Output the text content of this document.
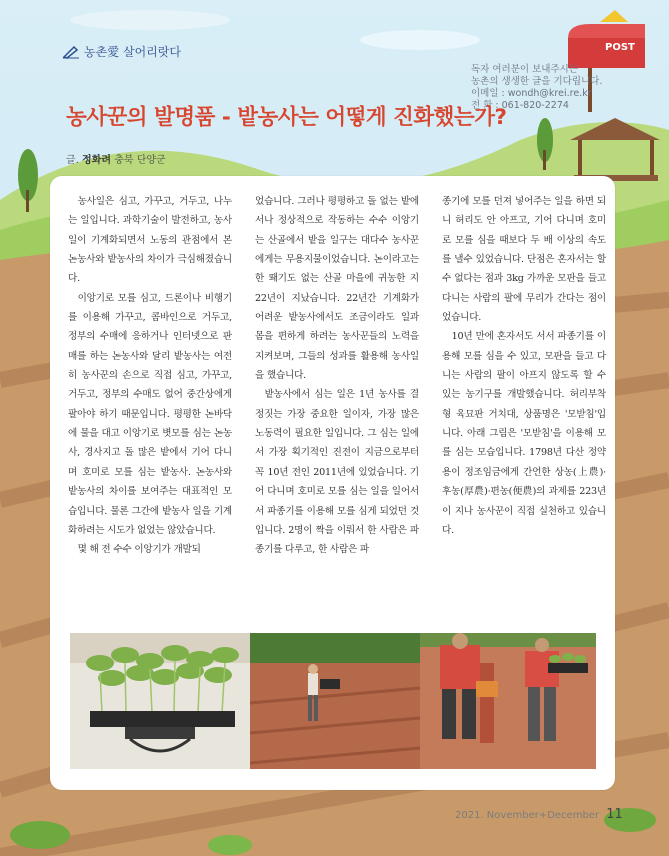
농촌愛 살어리랏다	POST
독자 여러분이 보내주시는
농촌의 생생한 글을 기다립니다.
이메일 : wondh@krei.re.kr
전 화 : 061-820-2274
농사꾼의 발명품 - 밭농사는 어떻게 진화했는가?
글. 정화려 충북 단양군

농사일은 심고, 가꾸고, 거두고, 나누는 일입니다. 과학기술이 발전하고, 농사일이 기계화되면서 노동의 관점에서 본 논농사와 밭농사의 차이가 극심해졌습니다.

이앙기로 모를 심고, 드론이나 비행기를 이용해 가꾸고, 콤바인으로 거두고, 정부의 수매에 응하거나 인터넷으로 판매를 하는 논농사와 달리 밭농사는 여전히 농사꾼의 손으로 직접 심고, 가꾸고, 거두고, 정부의 수매도 없어 중간상에게 팔아야 하기 때문입니다. 평평한 논바닥에 물을 대고 이앙기로 볏모를 심는 논농사, 경사지고 돌 많은 밭에서 기어 다니며 호미로 모를 심는 밭농사. 논농사와 밭농사의 차이를 보여주는 대표적인 모습입니다. 물론 그간에 밭농사 일을 기계화하려는 시도가 없었는 않았습니다.

몇 해 전 수수 이앙기가 개발되

었습니다. 그러나 평평하고 돌 없는 밭에서나 정상적으로 작동하는 수수 이앙기는 산골에서 밭을 일구는 대다수 농사꾼에게는 무용지물이었습니다. 논이라고는 한 뙈기도 없는 산골 마을에 귀농한 지 22년이 지났습니다. 22년간 기계화가 어려운 밭농사에서도 조금이라도 일과 몸을 편하게 하려는 농사꾼들의 노력을 지켜보며, 그들의 성과를 활용해 농사일을 했습니다.

밭농사에서 심는 일은 1년 농사를 결정짓는 가장 중요한 일이자, 가장 많은 노동력이 필요한 일입니다. 그 심는 일에서 가장 획기적인 진전이 지금으로부터 꼭 10년 전인 2011년에 있었습니다. 기어 다니며 호미로 모를 심는 일을 일어서서 파종기를 이용해 모를 심게 되었던 것입니다. 2명이 짝을 이뤄서 한 사람은 파종기를 다루고, 한 사람은 파

종기에 모를 던져 넣어주는 일을 하면 되니 허리도 안 아프고, 기어 다니며 호미로 모를 심을 때보다 두 배 이상의 속도를 낼수 있었습니다. 단점은 혼자서는 할 수 없다는 점과 3kg 가까운 모판을 들고 다니는 사람의 팔에 무리가 간다는 점이었습니다.

10년 만에 혼자서도 서서 파종기를 이용해 모를 심을 수 있고, 모판을 들고 다니는 사람의 팔이 아프지 않도록 할 수 있는 농기구를 개발했습니다. 허리부착형 육묘판 거치대, 상품명은 '모받침'입니다. 아래 그림은 '모받침'을 이용해 모를 심는 모습입니다. 1798년 다산 정약용이 정조임금에게 간언한 상농(上農)·후농(厚農)·편농(便農)의 과제를 223년이 지나 농사꾼이 직접 실천하고 있습니다.

2021. November+December 11
